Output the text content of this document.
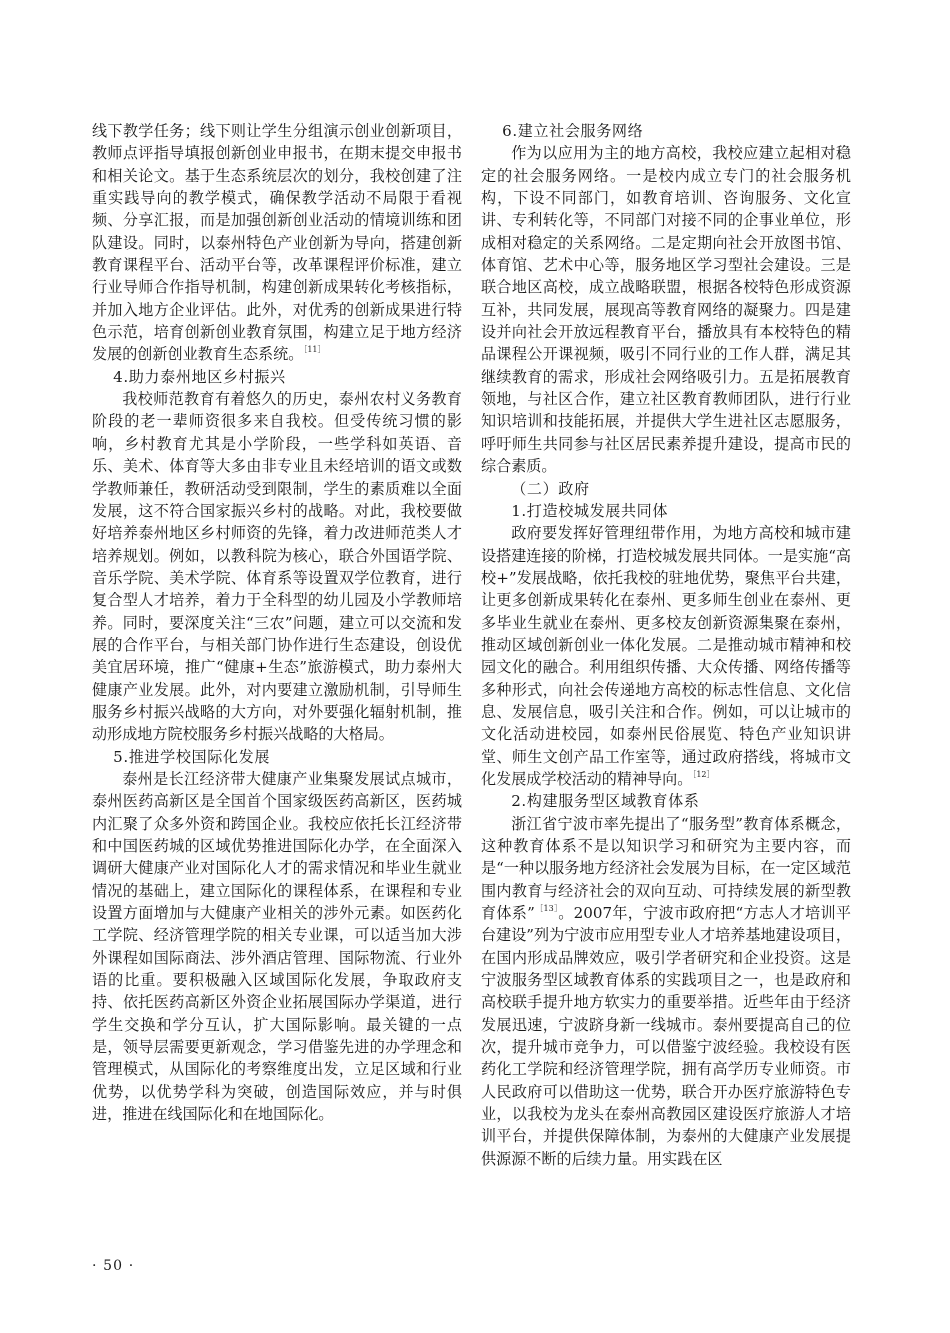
线下教学任务；线下则让学生分组演示创业创新项目，教师点评指导填报创新创业申报书，在期末提交申报书和相关论文。基于生态系统层次的划分，我校创建了注重实践导向的教学模式，确保教学活动不局限于看视频、分享汇报，而是加强创新创业活动的情境训练和团队建设。同时，以泰州特色产业创新为导向，搭建创新教育课程平台、活动平台等，改革课程评价标准，建立行业导师合作指导机制，构建创新成果转化考核指标，并加入地方企业评估。此外，对优秀的创新成果进行特色示范，培育创新创业教育氛围，构建立足于地方经济发展的创新创业教育生态系统。$^{[11]}$

4.助力泰州地区乡村振兴

我校师范教育有着悠久的历史，泰州农村义务教育阶段的老一辈师资很多来自我校。但受传统习惯的影响，乡村教育尤其是小学阶段，一些学科如英语、音乐、美术、体育等大多由非专业且未经培训的语文或数学教师兼任，教研活动受到限制，学生的素质难以全面发展，这不符合国家振兴乡村的战略。对此，我校要做好培养泰州地区乡村师资的先锋，着力改进师范类人才培养规划。例如，以教科院为核心，联合外国语学院、音乐学院、美术学院、体育系等设置双学位教育，进行复合型人才培养，着力于全科型的幼儿园及小学教师培养。同时，要深度关注“三农”问题，建立可以交流和发展的合作平台，与相关部门协作进行生态建设，创设优美宜居环境，推广“健康+生态”旅游模式，助力泰州大健康产业发展。此外，对内要建立激励机制，引导师生服务乡村振兴战略的大方向，对外要强化辐射机制，推动形成地方院校服务乡村振兴战略的大格局。

5.推进学校国际化发展

泰州是长江经济带大健康产业集聚发展试点城市，泰州医药高新区是全国首个国家级医药高新区，医药城内汇聚了众多外资和跨国企业。我校应依托长江经济带和中国医药城的区域优势推进国际化办学，在全面深入调研大健康产业对国际化人才的需求情况和毕业生就业情况的基础上，建立国际化的课程体系，在课程和专业设置方面增加与大健康产业相关的涉外元素。如医药化工学院、经济管理学院的相关专业课，可以适当加大涉外课程如国际商法、涉外酒店管理、国际物流、行业外语的比重。要积极融入区域国际化发展，争取政府支持、依托医药高新区外资企业拓展国际办学渠道，进行学生交换和学分互认，扩大国际影响。最关键的一点是，领导层需要更新观念，学习借鉴先进的办学理念和管理模式，从国际化的考察维度出发，立足区域和行业优势，以优势学科为突破，创造国际效应，并与时俱进，推进在线国际化和在地国际化。

6.建立社会服务网络

作为以应用为主的地方高校，我校应建立起相对稳定的社会服务网络。一是校内成立专门的社会服务机构，下设不同部门，如教育培训、咨询服务、文化宣讲、专利转化等，不同部门对接不同的企事业单位，形成相对稳定的关系网络。二是定期向社会开放图书馆、体育馆、艺术中心等，服务地区学习型社会建设。三是联合地区高校，成立战略联盟，根据各校特色形成资源互补，共同发展，展现高等教育网络的凝聚力。四是建设并向社会开放远程教育平台，播放具有本校特色的精品课程公开课视频，吸引不同行业的工作人群，满足其继续教育的需求，形成社会网络吸引力。五是拓展教育领地，与社区合作，建立社区教育教师团队，进行行业知识培训和技能拓展，并提供大学生进社区志愿服务，呼吁师生共同参与社区居民素养提升建设，提高市民的综合素质。

（二）政府
1.打造校城发展共同体

政府要发挥好管理纽带作用，为地方高校和城市建设搭建连接的阶梯，打造校城发展共同体。一是实施“高校+”发展战略，依托我校的驻地优势，聚焦平台共建，让更多创新成果转化在泰州、更多师生创业在泰州、更多毕业生就业在泰州、更多校友创新资源集聚在泰州，推动区域创新创业一体化发展。二是推动城市精神和校园文化的融合。利用组织传播、大众传播、网络传播等多种形式，向社会传递地方高校的标志性信息、文化信息、发展信息，吸引关注和合作。例如，可以让城市的文化活动进校园，如泰州民俗展览、特色产业知识讲堂、师生文创产品工作室等，通过政府搭线，将城市文化发展成学校活动的精神导向。$^{[12]}$

2.构建服务型区域教育体系

浙江省宁波市率先提出了“服务型”教育体系概念，这种教育体系不是以知识学习和研究为主要内容，而是“一种以服务地方经济社会发展为目标，在一定区域范围内教育与经济社会的双向互动、可持续发展的新型教育体系”$^{[13]}$。2007年，宁波市政府把“方志人才培训平台建设”列为宁波市应用型专业人才培养基地建设项目，在国内形成品牌效应，吸引学者研究和企业投资。这是宁波服务型区域教育体系的实践项目之一，也是政府和高校联手提升地方软实力的重要举措。近些年由于经济发展迅速，宁波跻身新一线城市。泰州要提高自己的位次，提升城市竞争力，可以借鉴宁波经验。我校设有医药化工学院和经济管理学院，拥有高学历专业师资。市人民政府可以借助这一优势，联合开办医疗旅游特色专业，以我校为龙头在泰州高教园区建设医疗旅游人才培训平台，并提供保障体制，为泰州的大健康产业发展提供源源不断的后续力量。用实践在区

· 50 ·
